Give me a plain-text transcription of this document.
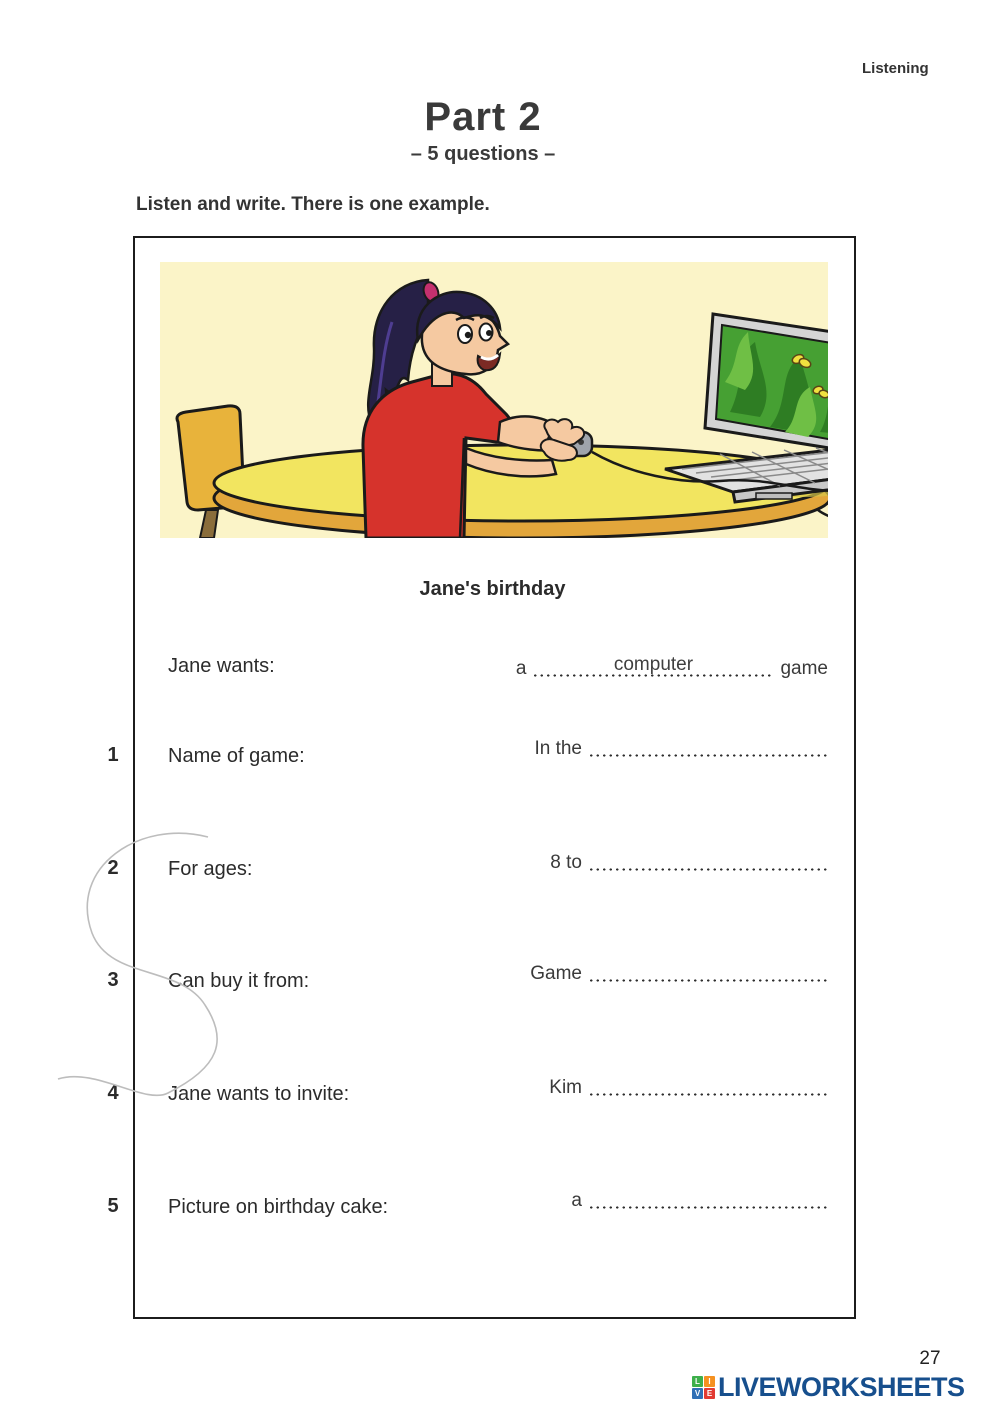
Listening
Part 2
– 5 questions –
Listen and write. There is one example.
Jane's birthday
Jane wants:	a	computer	game
1	Name of game:	In the
2	For ages:	8 to
3	Can buy it from:	Game
4	Jane wants to invite:	Kim
5	Picture on birthday cake:	a
27
L	I
V E LIVEWORKSHEETS
